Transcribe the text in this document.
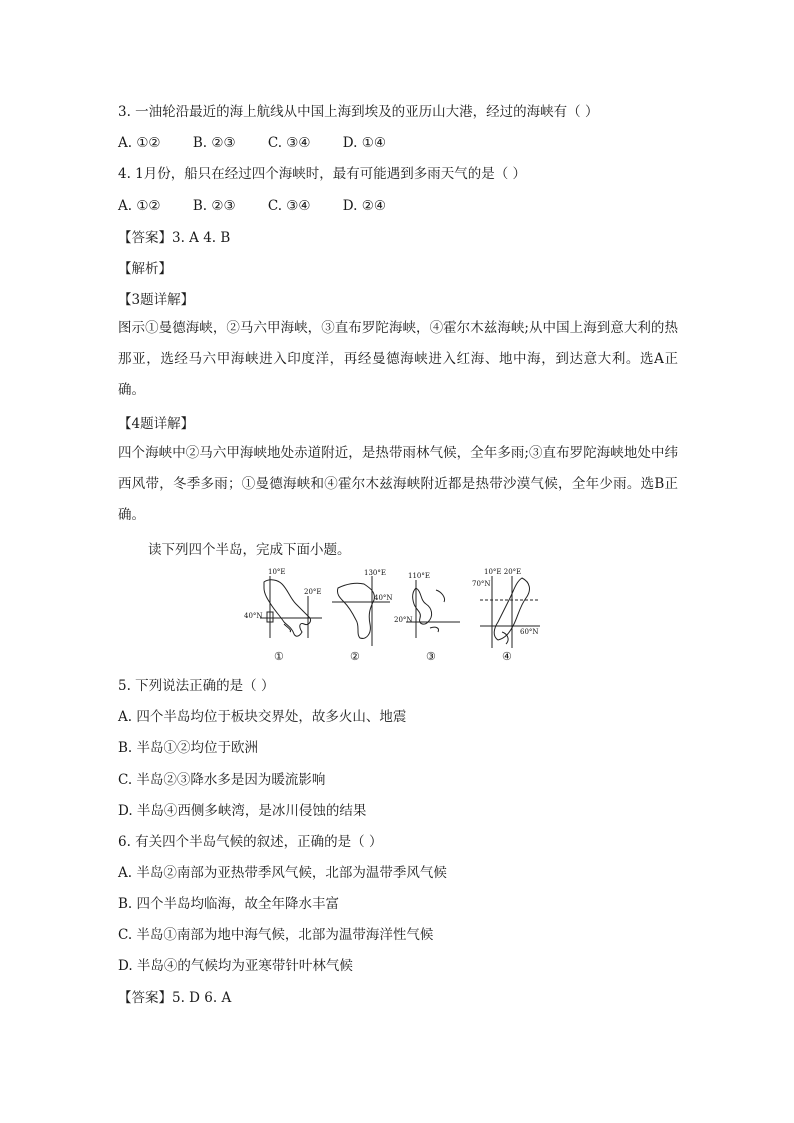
3. 一油轮沿最近的海上航线从中国上海到埃及的亚历山大港，经过的海峡有（ ）
A. ①② B. ②③ C. ③④ D. ①④
4. 1月份，船只在经过四个海峡时，最有可能遇到多雨天气的是（ ）
A. ①② B. ②③ C. ③④ D. ②④
【答案】3. A 4. B
【解析】
【3题详解】
图示①曼德海峡，②马六甲海峡，③直布罗陀海峡，④霍尔木兹海峡;从中国上海到意大利的热那亚，选经马六甲海峡进入印度洋，再经曼德海峡进入红海、地中海，到达意大利。选A正确。
【4题详解】
四个海峡中②马六甲海峡地处赤道附近，是热带雨林气候，全年多雨;③直布罗陀海峡地处中纬西风带，冬季多雨；①曼德海峡和④霍尔木兹海峡附近都是热带沙漠气候，全年少雨。选B正确。
读下列四个半岛，完成下面小题。
10°E
20°E
40°N
130°E
40°N
110°E
20°N
10°E 20°E
70°N
60°N
①	②	③	④
5. 下列说法正确的是（ ）
A. 四个半岛均位于板块交界处，故多火山、地震
B. 半岛①②均位于欧洲
C. 半岛②③降水多是因为暖流影响
D. 半岛④西侧多峡湾，是冰川侵蚀的结果
6. 有关四个半岛气候的叙述，正确的是（ ）
A. 半岛②南部为亚热带季风气候，北部为温带季风气候
B. 四个半岛均临海，故全年降水丰富
C. 半岛①南部为地中海气候，北部为温带海洋性气候
D. 半岛④的气候均为亚寒带针叶林气候
【答案】5. D 6. A
